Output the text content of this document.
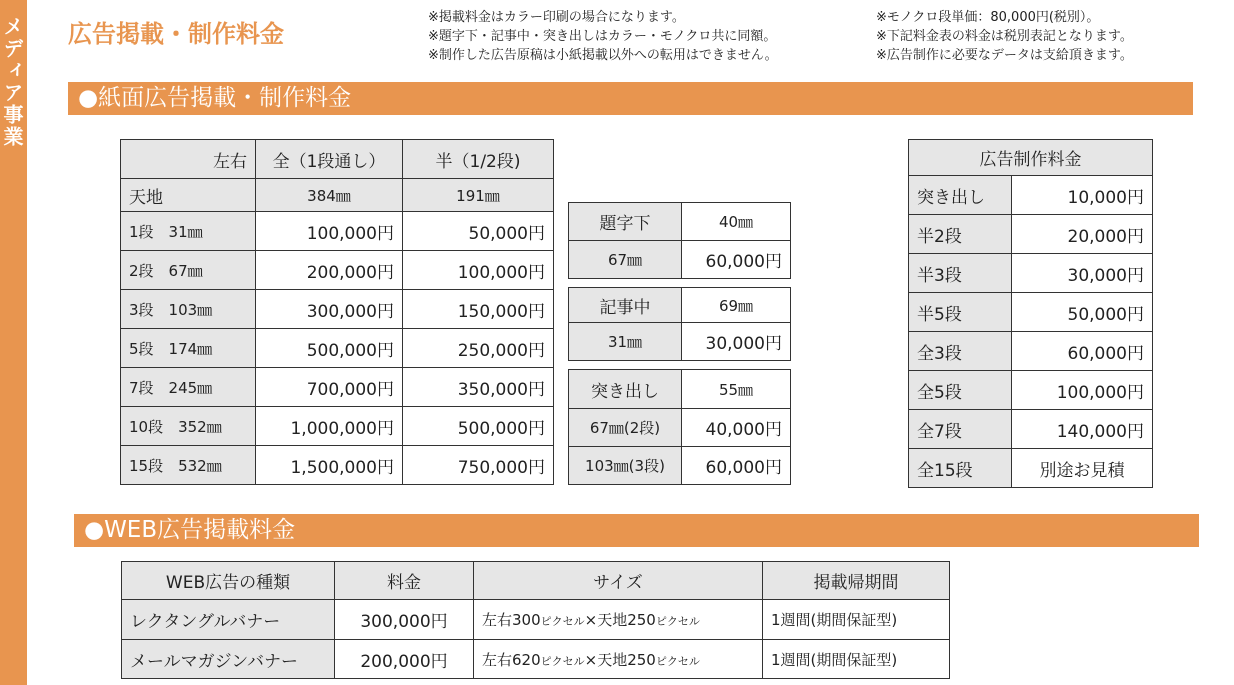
メディア事業 広告掲載・制作料金
※掲載料金はカラー印刷の場合になります。
※題字下・記事中・突き出しはカラー・モノクロ共に同額。
※制作した広告原稿は小紙掲載以外への転用はできません。
※モノクロ段単価：80,000円(税別）。
※下記料金表の料金は税別表記となります。
※広告制作に必要なデータは支給頂きます。
●紙面広告掲載・制作料金
左右	全（1段通し）	半（1/2段)
天地	384㎜	191㎜
1段　31㎜	100,000円	50,000円
2段　67㎜	200,000円	100,000円
3段　103㎜	300,000円	150,000円
5段　174㎜	500,000円	250,000円
7段　245㎜	700,000円	350,000円
10段　352㎜	1,000,000円	500,000円
15段　532㎜	1,500,000円	750,000円
題字下	40㎜
67㎜	60,000円
記事中	69㎜
31㎜	30,000円
突き出し	55㎜
67㎜(2段)	40,000円
103㎜(3段)	60,000円
広告制作料金	
突き出し	10,000円
半2段	20,000円
半3段	30,000円
半5段	50,000円
全3段	60,000円
全5段	100,000円
全7段	140,000円
全15段	別途お見積
●WEB広告掲載料金
WEB広告の種類	料金	サイズ	掲載帰期間
レクタングルバナー	300,000円	左右300ピクセル×天地250ピクセル	1週間(期間保証型)
メールマガジンバナー	200,000円	左右620ピクセル×天地250ピクセル	1週間(期間保証型)
